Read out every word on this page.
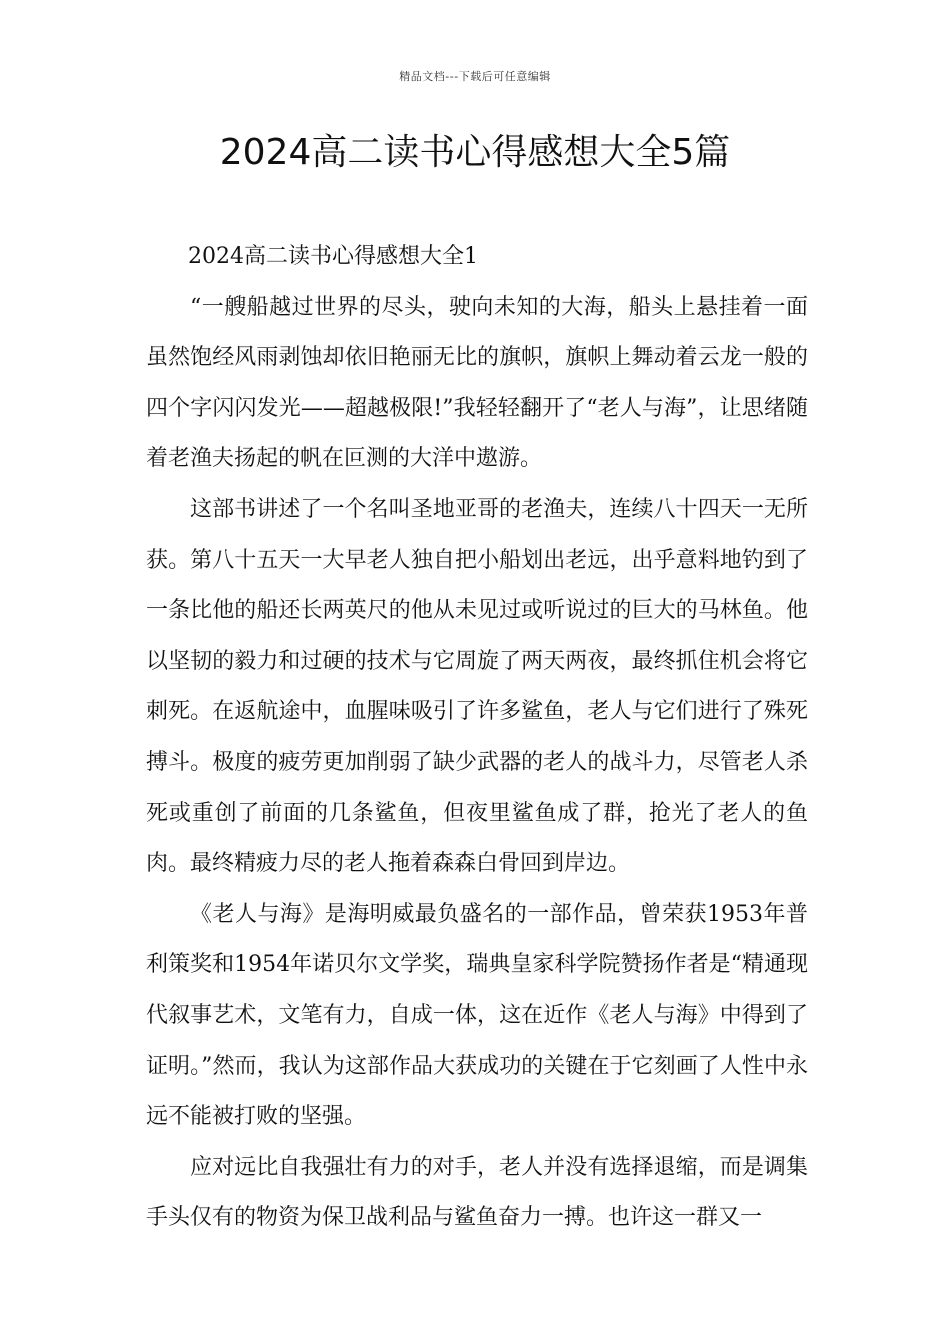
精品文档---下载后可任意编辑
2024高二读书心得感想大全5篇

2024高二读书心得感想大全1

“一艘船越过世界的尽头，驶向未知的大海，船头上悬挂着一面虽然饱经风雨剥蚀却依旧艳丽无比的旗帜，旗帜上舞动着云龙一般的四个字闪闪发光——超越极限!”我轻轻翻开了“老人与海”，让思绪随着老渔夫扬起的帆在叵测的大洋中遨游。

这部书讲述了一个名叫圣地亚哥的老渔夫，连续八十四天一无所获。第八十五天一大早老人独自把小船划出老远，出乎意料地钓到了一条比他的船还长两英尺的他从未见过或听说过的巨大的马林鱼。他以坚韧的毅力和过硬的技术与它周旋了两天两夜，最终抓住机会将它刺死。在返航途中，血腥味吸引了许多鲨鱼，老人与它们进行了殊死搏斗。极度的疲劳更加削弱了缺少武器的老人的战斗力，尽管老人杀死或重创了前面的几条鲨鱼，但夜里鲨鱼成了群，抢光了老人的鱼肉。最终精疲力尽的老人拖着森森白骨回到岸边。

《老人与海》是海明威最负盛名的一部作品，曾荣获1953年普利策奖和1954年诺贝尔文学奖，瑞典皇家科学院赞扬作者是“精通现代叙事艺术，文笔有力，自成一体，这在近作《老人与海》中得到了证明。”然而，我认为这部作品大获成功的关键在于它刻画了人性中永远不能被打败的坚强。

应对远比自我强壮有力的对手，老人并没有选择退缩，而是调集手头仅有的物资为保卫战利品与鲨鱼奋力一搏。也许这一群又一
